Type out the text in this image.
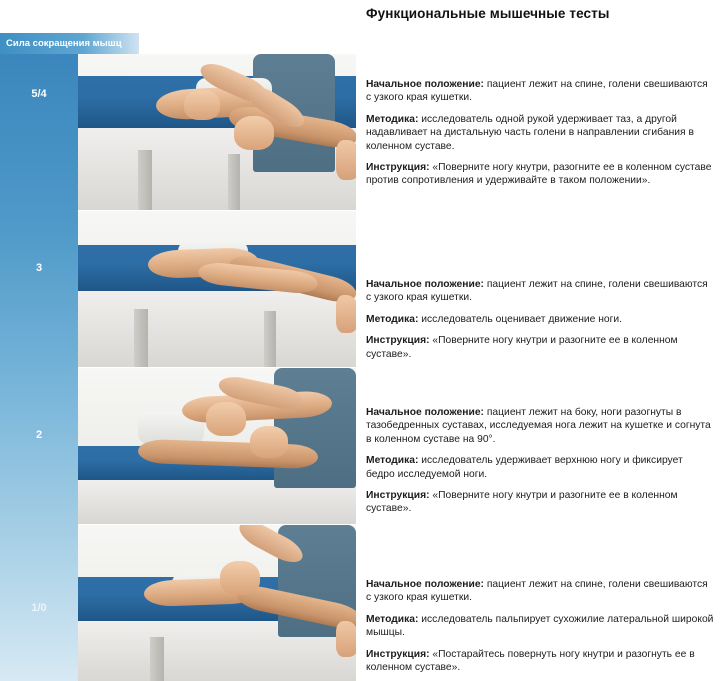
Функциональные мышечные тесты
Сила сокращения мышц
5/4
3
2
1/0
Начальное положение: пациент лежит на спине, голени свешиваются с узкого края кушетки.
Методика: исследователь одной рукой удерживает таз, а другой надавливает на дистальную часть голени в направлении сгибания в коленном суставе.
Инструкция: «Поверните ногу кнутри, разогните ее в коленном суставе против сопротивления и удерживайте в таком положении».
Начальное положение: пациент лежит на спине, голени свешиваются с узкого края кушетки.
Методика: исследователь оценивает движение ноги.
Инструкция: «Поверните ногу кнутри и разогните ее в коленном суставе».
Начальное положение: пациент лежит на боку, ноги разогнуты в тазобедренных суставах, исследуемая нога лежит на кушетке и согнута в коленном суставе на 90°.
Методика: исследователь удерживает верхнюю ногу и фиксирует бедро исследуемой ноги.
Инструкция: «Поверните ногу кнутри и разогните ее в коленном суставе».
Начальное положение: пациент лежит на спине, голени свешиваются с узкого края кушетки.
Методика: исследователь пальпирует сухожилие латеральной широкой мышцы.
Инструкция: «Постарайтесь повернуть ногу кнутри и разогнуть ее в коленном суставе».
